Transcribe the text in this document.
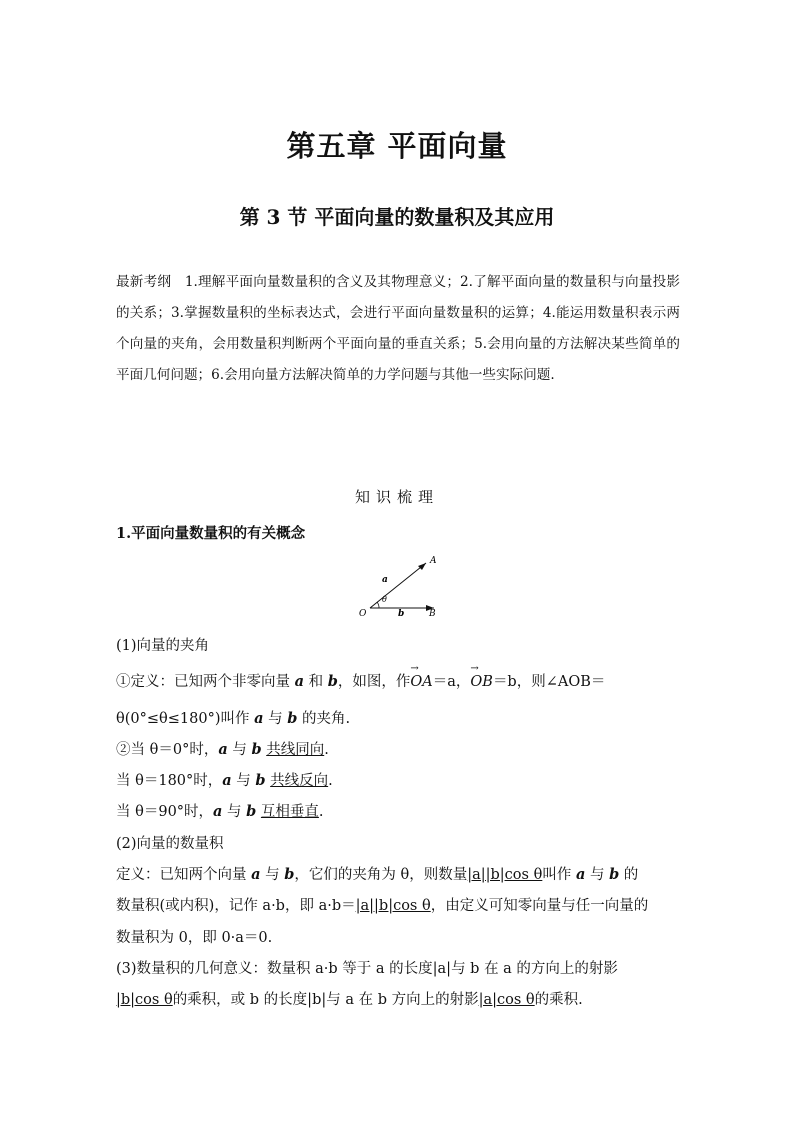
第五章 平面向量
第 3 节 平面向量的数量积及其应用
最新考纲 1.理解平面向量数量积的含义及其物理意义；2.了解平面向量的数量积与向量投影的关系；3.掌握数量积的坐标表达式，会进行平面向量数量积的运算；4.能运用数量积表示两个向量的夹角，会用数量积判断两个平面向量的垂直关系；5.会用向量的方法解决某些简单的平面几何问题；6.会用向量方法解决简单的力学问题与其他一些实际问题.
知识梳理
1.平面向量数量积的有关概念
A
B
O
a
b
θ
(1)向量的夹角
①定义：已知两个非零向量 a 和 b，如图，作→ OA＝a，→ OB＝b，则∠AOB＝
θ(0°≤θ≤180°)叫作 a 与 b 的夹角.
②当 θ＝0°时，a 与 b 共线同向.
当 θ＝180°时，a 与 b 共线反向.
当 θ＝90°时，a 与 b 互相垂直.
(2)向量的数量积
定义：已知两个向量 a 与 b，它们的夹角为 θ，则数量|a||b|cos θ叫作 a 与 b 的
数量积(或内积)，记作 a·b，即 a·b＝|a||b|cos θ，由定义可知零向量与任一向量的
数量积为 0，即 0·a＝0.
(3)数量积的几何意义：数量积 a·b 等于 a 的长度|a|与 b 在 a 的方向上的射影
|b|cos θ的乘积，或 b 的长度|b|与 a 在 b 方向上的射影|a|cos θ的乘积.
